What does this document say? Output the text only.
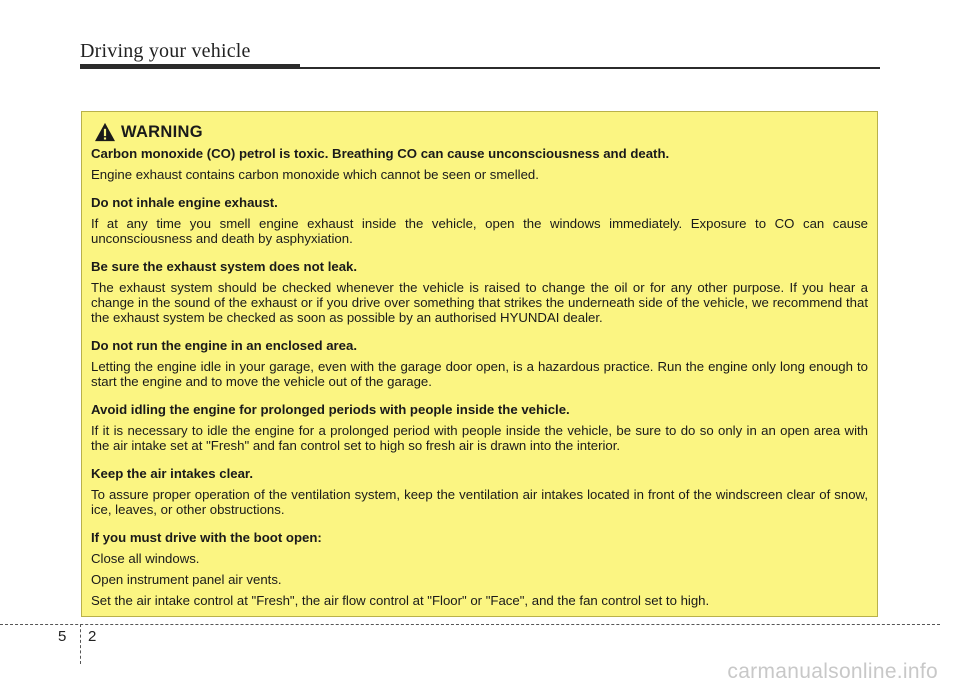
Driving your vehicle
WARNING

Carbon monoxide (CO) petrol is toxic. Breathing CO can cause unconsciousness and death.

Engine exhaust contains carbon monoxide which cannot be seen or smelled.

Do not inhale engine exhaust.

If at any time you smell engine exhaust inside the vehicle, open the windows immediately. Exposure to CO can cause unconsciousness and death by asphyxiation.

Be sure the exhaust system does not leak.

The exhaust system should be checked whenever the vehicle is raised to change the oil or for any other purpose. If you hear a change in the sound of the exhaust or if you drive over something that strikes the underneath side of the vehicle, we recommend that the exhaust system be checked as soon as possible by an authorised HYUNDAI dealer.

Do not run the engine in an enclosed area.

Letting the engine idle in your garage, even with the garage door open, is a hazardous practice. Run the engine only long enough to start the engine and to move the vehicle out of the garage.

Avoid idling the engine for prolonged periods with people inside the vehicle.

If it is necessary to idle the engine for a prolonged period with people inside the vehicle, be sure to do so only in an open area with the air intake set at "Fresh" and fan control set to high so fresh air is drawn into the interior.

Keep the air intakes clear.

To assure proper operation of the ventilation system, keep the ventilation air intakes located in front of the windscreen clear of snow, ice, leaves, or other obstructions.

If you must drive with the boot open:

Close all windows.

Open instrument panel air vents.

Set the air intake control at "Fresh", the air flow control at "Floor" or "Face", and the fan control set to high.

5 2
carmanualsonline.info
